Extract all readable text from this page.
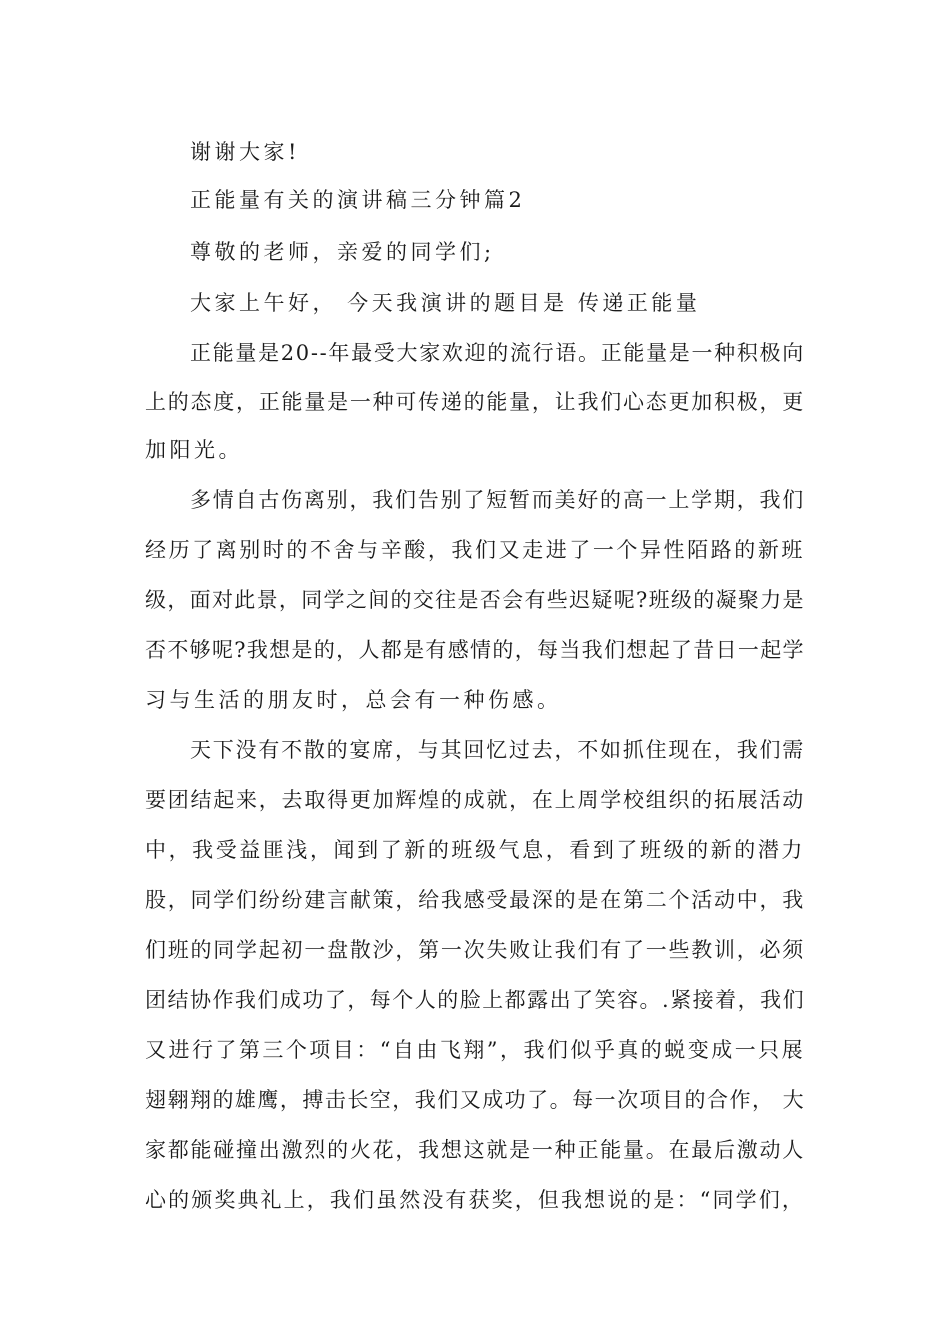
谢谢大家!
正能量有关的演讲稿三分钟篇2
尊敬的老师，亲爱的同学们;
大家上午好， 今天我演讲的题目是 传递正能量
正能量是20--年最受大家欢迎的流行语。正能量是一种积极向
上的态度，正能量是一种可传递的能量，让我们心态更加积极，更
加阳光。
多情自古伤离别，我们告别了短暂而美好的高一上学期，我们
经历了离别时的不舍与辛酸，我们又走进了一个异性陌路的新班
级，面对此景，同学之间的交往是否会有些迟疑呢?班级的凝聚力是
否不够呢?我想是的，人都是有感情的，每当我们想起了昔日一起学
习与生活的朋友时，总会有一种伤感。
天下没有不散的宴席，与其回忆过去，不如抓住现在，我们需
要团结起来，去取得更加辉煌的成就，在上周学校组织的拓展活动
中，我受益匪浅，闻到了新的班级气息，看到了班级的新的潜力
股，同学们纷纷建言献策，给我感受最深的是在第二个活动中，我
们班的同学起初一盘散沙，第一次失败让我们有了一些教训，必须
团结协作我们成功了，每个人的脸上都露出了笑容。.紧接着，我们
又进行了第三个项目：“自由飞翔”，我们似乎真的蜕变成一只展
翅翱翔的雄鹰，搏击长空，我们又成功了。每一次项目的合作， 大
家都能碰撞出激烈的火花，我想这就是一种正能量。在最后激动人
心的颁奖典礼上，我们虽然没有获奖，但我想说的是：“同学们，
